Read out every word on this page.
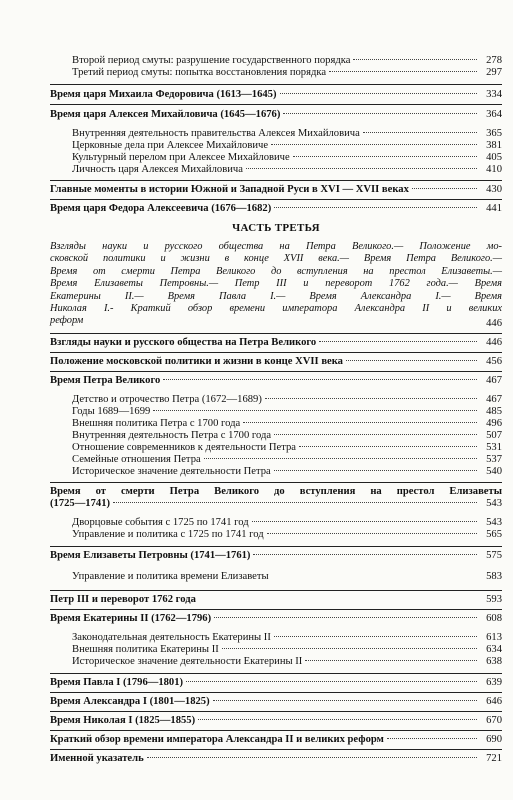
Второй период смуты: разрушение государственного порядка	278
Третий период смуты: попытка восстановления порядка	297
Время царя Михаила Федоровича (1613—1645)	334
Время царя Алексея Михайловича (1645—1676)	364
Внутренняя деятельность правительства Алексея Михайловича	365
Церковные дела при Алексее Михайловиче	381
Культурный перелом при Алексее Михайловиче	405
Личность царя Алексея Михайловича	410
Главные моменты в истории Южной и Западной Руси в XVI — XVII веках	430
Время царя Федора Алексеевича (1676—1682)	441
ЧАСТЬ ТРЕТЬЯ
Взгляды науки и русского общества на Петра Великого.— Положение мо-
сковской политики и жизни в конце XVII века.— Время Петра Великого.—
Время от смерти Петра Великого до вступления на престол Елизаветы.—
Время Елизаветы Петровны.— Петр III и переворот 1762 года.— Время
Екатерины II.— Время Павла I.— Время Александра I.— Время
Николая I.- Краткий обзор времени императора Александра II и великих
реформ	446
Взгляды науки и русского общества на Петра Великого	446
Положение московской политики и жизни в конце XVII века	456
Время Петра Великого	467
Детство и отрочество Петра (1672—1689)	467
Годы 1689—1699	485
Внешняя политика Петра с 1700 года	496
Внутренняя деятельность Петра с 1700 года	507
Отношение современников к деятельности Петра	531
Семейные отношения Петра	537
Историческое значение деятельности Петра	540
Время от смерти Петра Великого до вступления на престол Елизаветы
(1725—1741)	543
Дворцовые события с 1725 по 1741 год	543
Управление и политика с 1725 по 1741 год	565
Время Елизаветы Петровны (1741—1761)	575
Управление и политика времени Елизаветы	583
Петр III и переворот 1762 года	593
Время Екатерины II (1762—1796)	608
Законодательная деятельность Екатерины II	613
Внешняя политика Екатерины II	634
Историческое значение деятельности Екатерины II	638
Время Павла I (1796—1801)	639
Время Александра I (1801—1825)	646
Время Николая I (1825—1855)	670
Краткий обзор времени императора Александра II и великих реформ	690
Именной указатель	721
